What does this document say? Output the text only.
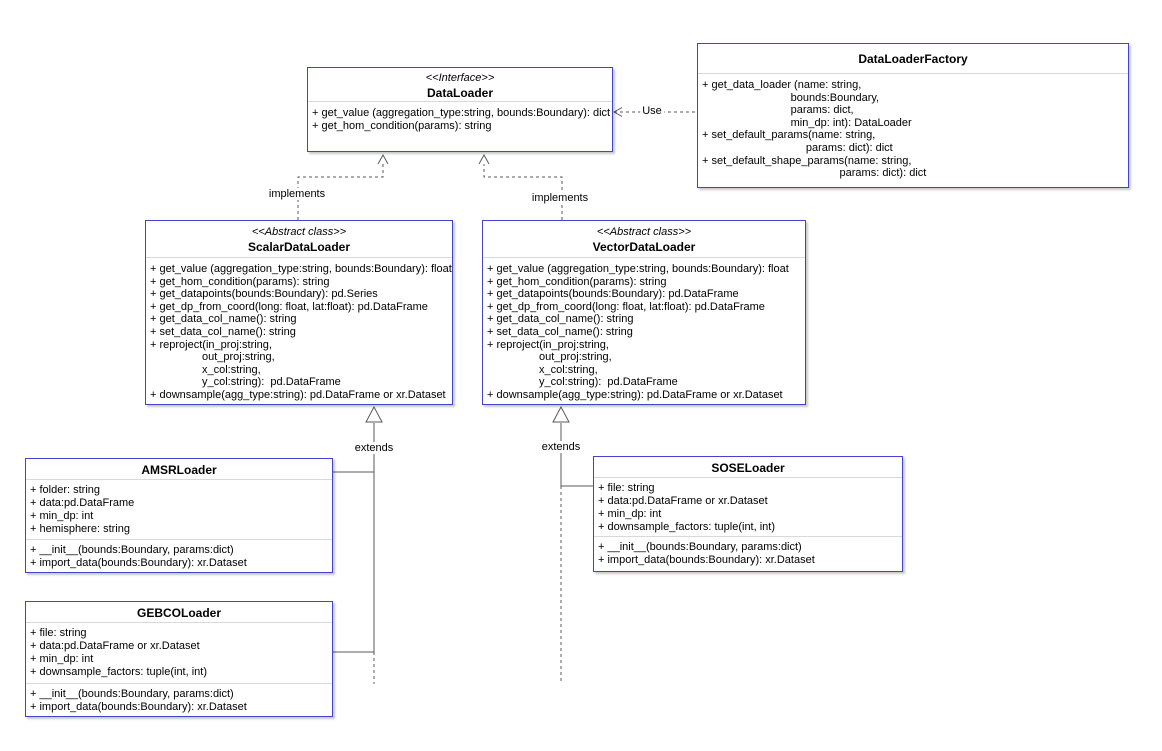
Use
implements	implements
extends	extends
<<Interface>>
DataLoader
+ get_value (aggregation_type:string, bounds:Boundary): dict
+ get_hom_condition(params): string
DataLoaderFactory
+ get_data_loader (name: string,
bounds:Boundary,
params: dict,
min_dp: int): DataLoader
+ set_default_params(name: string,
params: dict): dict
+ set_default_shape_params(name: string,
params: dict): dict
<<Abstract class>>
ScalarDataLoader
+ get_value (aggregation_type:string, bounds:Boundary): float
+ get_hom_condition(params): string
+ get_datapoints(bounds:Boundary): pd.Series
+ get_dp_from_coord(long: float, lat:float): pd.DataFrame
+ get_data_col_name(): string
+ set_data_col_name(): string
+ reproject(in_proj:string,
out_proj:string,
x_col:string,
y_col:string):  pd.DataFrame
+ downsample(agg_type:string): pd.DataFrame or xr.Dataset
<<Abstract class>>
VectorDataLoader
+ get_value (aggregation_type:string, bounds:Boundary): float
+ get_hom_condition(params): string
+ get_datapoints(bounds:Boundary): pd.DataFrame
+ get_dp_from_coord(long: float, lat:float): pd.DataFrame
+ get_data_col_name(): string
+ set_data_col_name(): string
+ reproject(in_proj:string,
out_proj:string,
x_col:string,
y_col:string):  pd.DataFrame
+ downsample(agg_type:string): pd.DataFrame or xr.Dataset
AMSRLoader
+ folder: string
+ data:pd.DataFrame
+ min_dp: int
+ hemisphere: string
+ __init__(bounds:Boundary, params:dict)
+ import_data(bounds:Boundary): xr.Dataset
GEBCOLoader
+ file: string
+ data:pd.DataFrame or xr.Dataset
+ min_dp: int
+ downsample_factors: tuple(int, int)
+ __init__(bounds:Boundary, params:dict)
+ import_data(bounds:Boundary): xr.Dataset
SOSELoader
+ file: string
+ data:pd.DataFrame or xr.Dataset
+ min_dp: int
+ downsample_factors: tuple(int, int)
+ __init__(bounds:Boundary, params:dict)
+ import_data(bounds:Boundary): xr.Dataset
